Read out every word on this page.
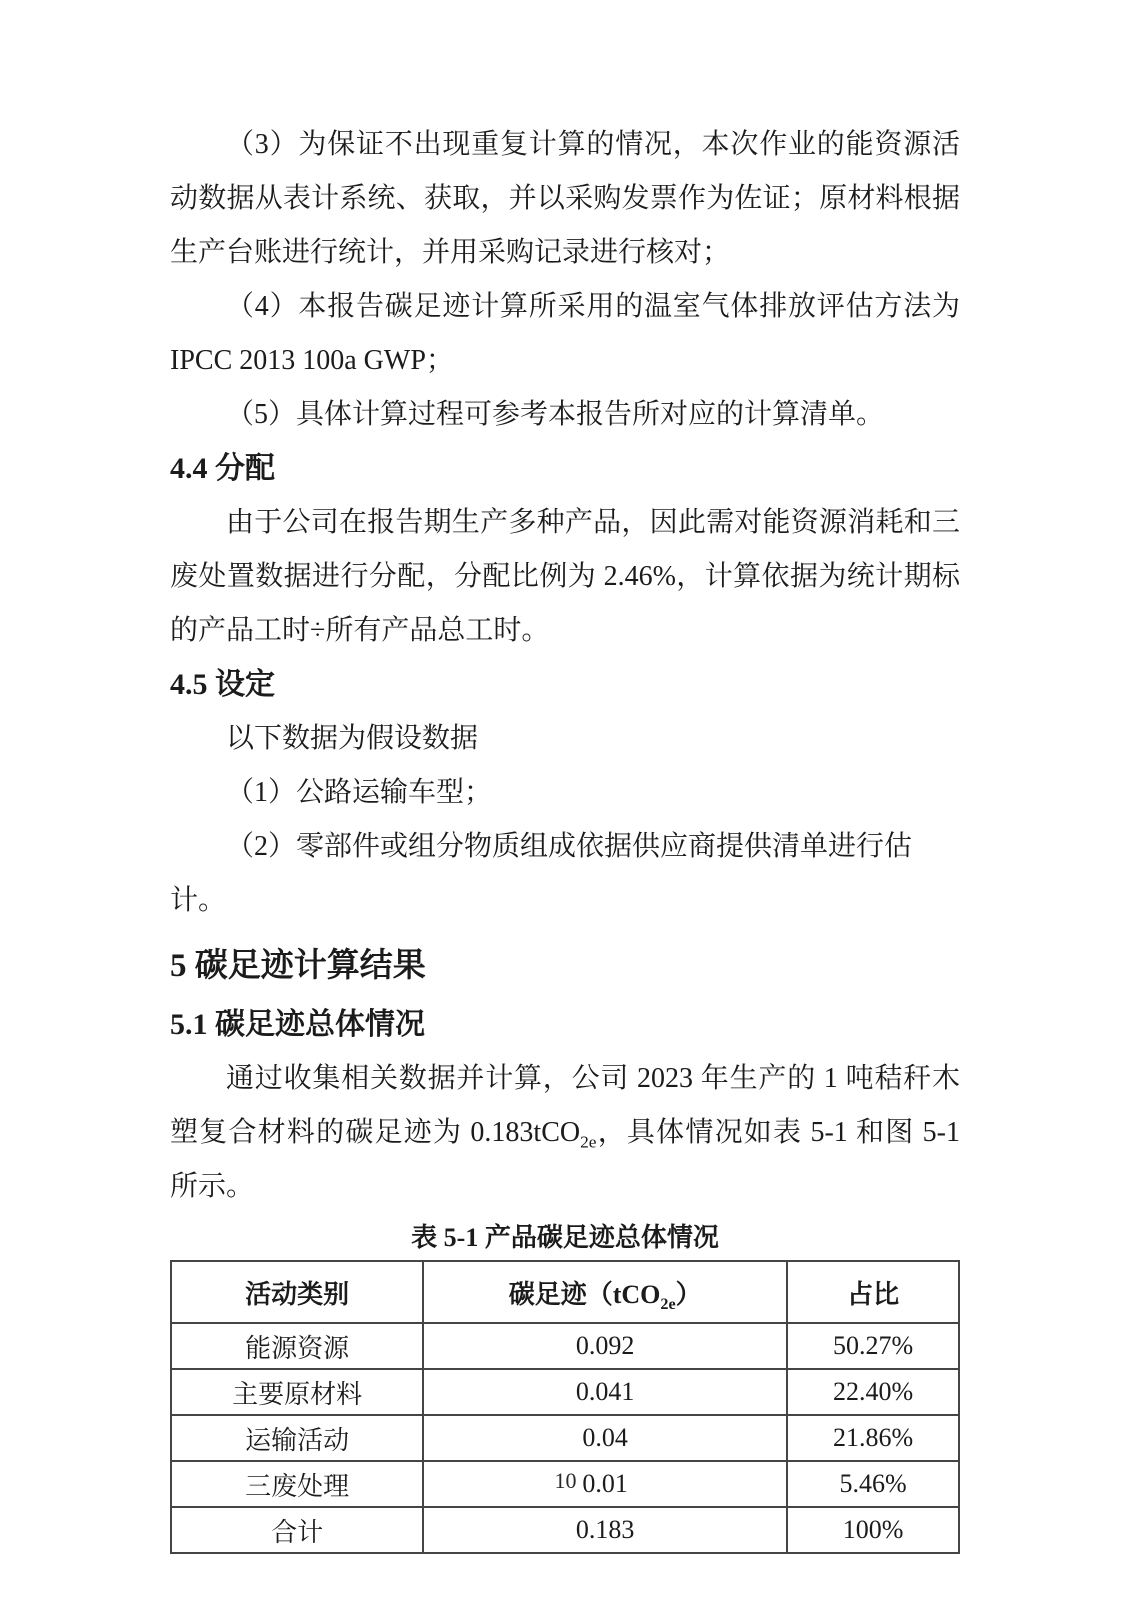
（3）为保证不出现重复计算的情况，本次作业的能资源活动数据从表计系统、获取，并以采购发票作为佐证；原材料根据生产台账进行统计，并用采购记录进行核对；

（4）本报告碳足迹计算所采用的温室气体排放评估方法为 IPCC 2013 100a GWP；

（5）具体计算过程可参考本报告所对应的计算清单。

4.4 分配

由于公司在报告期生产多种产品，因此需对能资源消耗和三废处置数据进行分配，分配比例为 2.46%，计算依据为统计期标的产品工时÷所有产品总工时。

4.5 设定

以下数据为假设数据

（1）公路运输车型；

（2）零部件或组分物质组成依据供应商提供清单进行估计。

5 碳足迹计算结果
5.1 碳足迹总体情况

通过收集相关数据并计算，公司 2023 年生产的 1 吨秸秆木塑复合材料的碳足迹为 0.183tCO$_{2e}$，具体情况如表 5-1 和图 5-1 所示。

表 5-1 产品碳足迹总体情况
活动类别	碳足迹（tCO$_{2e}$）	占比
能源资源	0.092	50.27%
主要原材料	0.041	22.40%
运输活动	0.04	21.86%
三废处理	0.01	5.46%
合计	0.183	100%
10
